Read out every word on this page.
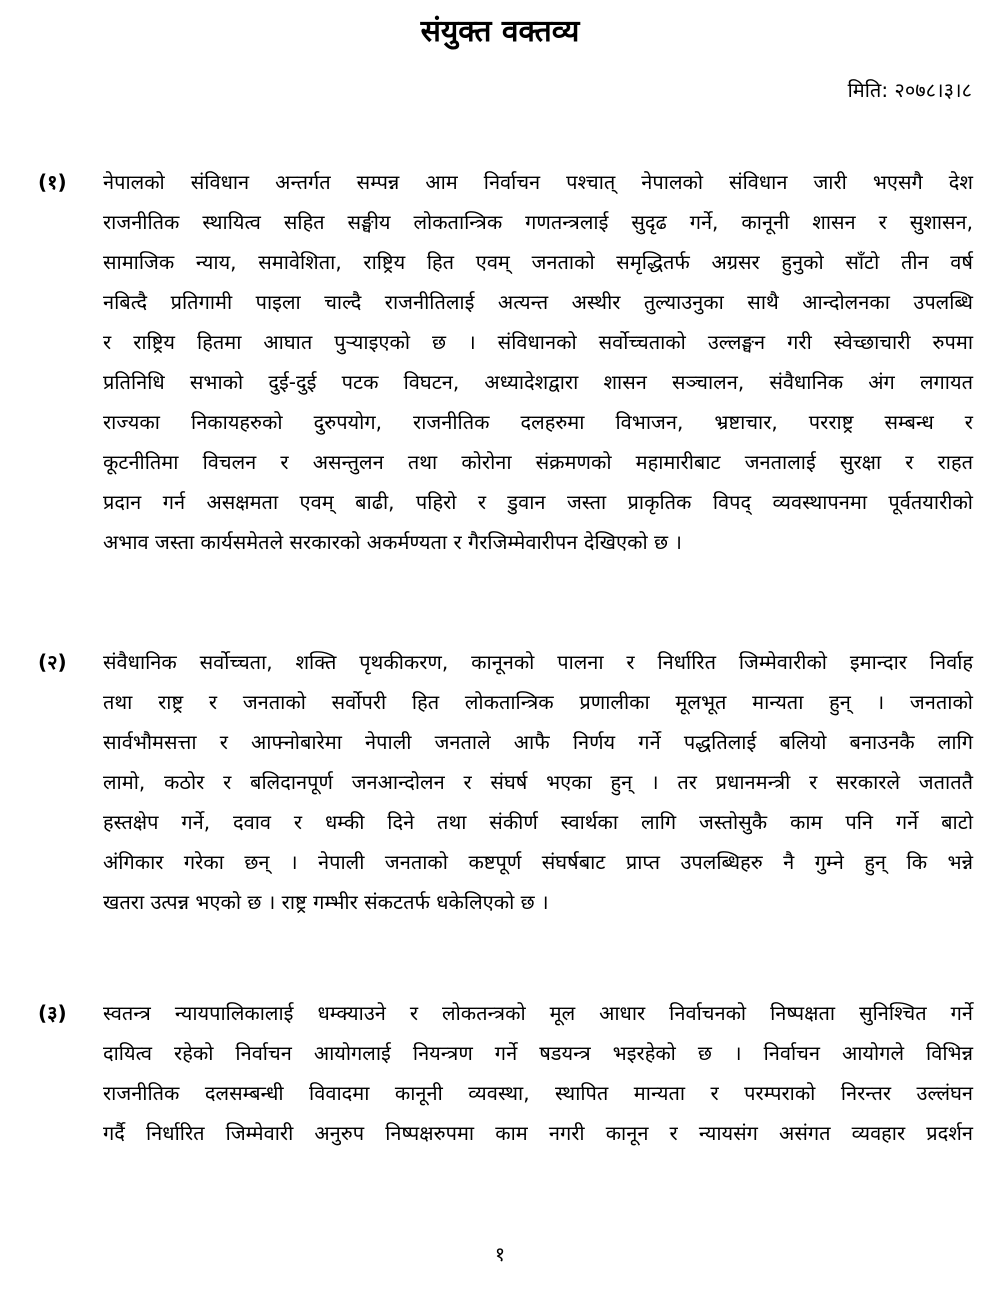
संयुक्त वक्तव्य
मिति: २०७८।३।८
(१) नेपालको संविधान अन्तर्गत सम्पन्न आम निर्वाचन पश्चात् नेपालको संविधान जारी भएसगै देश
राजनीतिक स्थायित्व सहित सङ्घीय लोकतान्त्रिक गणतन्त्रलाई सुदृढ गर्ने, कानूनी शासन र सुशासन,
सामाजिक न्याय, समावेशिता, राष्ट्रिय हित एवम् जनताको समृद्धितर्फ अग्रसर हुनुको साँटो तीन वर्ष
नबित्दै प्रतिगामी पाइला चाल्दै राजनीतिलाई अत्यन्त अस्थीर तुल्याउनुका साथै आन्दोलनका उपलब्धि
र राष्ट्रिय हितमा आघात पुऱ्याइएको छ । संविधानको सर्वोच्चताको उल्लङ्घन गरी स्वेच्छाचारी रुपमा
प्रतिनिधि सभाको दुई-दुई पटक विघटन, अध्यादेशद्वारा शासन सञ्चालन, संवैधानिक अंग लगायत
राज्यका निकायहरुको दुरुपयोग, राजनीतिक दलहरुमा विभाजन, भ्रष्टाचार, परराष्ट्र सम्बन्ध र
कूटनीतिमा विचलन र असन्तुलन तथा कोरोना संक्रमणको महामारीबाट जनतालाई सुरक्षा र राहत
प्रदान गर्न असक्षमता एवम् बाढी, पहिरो र डुवान जस्ता प्राकृतिक विपद् व्यवस्थापनमा पूर्वतयारीको
अभाव जस्ता कार्यसमेतले सरकारको अकर्मण्यता र गैरजिम्मेवारीपन देखिएको छ ।
(२) संवैधानिक सर्वोच्चता, शक्ति पृथकीकरण, कानूनको पालना र निर्धारित जिम्मेवारीको इमान्दार निर्वाह
तथा राष्ट्र र जनताको सर्वोपरी हित लोकतान्त्रिक प्रणालीका मूलभूत मान्यता हुन् । जनताको
सार्वभौमसत्ता र आफ्नोबारेमा नेपाली जनताले आफै निर्णय गर्ने पद्धतिलाई बलियो बनाउनकै लागि
लामो, कठोर र बलिदानपूर्ण जनआन्दोलन र संघर्ष भएका हुन् । तर प्रधानमन्त्री र सरकारले जताततै
हस्तक्षेप गर्ने, दवाव र धम्की दिने तथा संकीर्ण स्वार्थका लागि जस्तोसुकै काम पनि गर्ने बाटो
अंगिकार गरेका छन् । नेपाली जनताको कष्टपूर्ण संघर्षबाट प्राप्त उपलब्धिहरु नै गुम्ने हुन् कि भन्ने
खतरा उत्पन्न भएको छ । राष्ट्र गम्भीर संकटतर्फ धकेलिएको छ ।
(३) स्वतन्त्र न्यायपालिकालाई धम्क्याउने र लोकतन्त्रको मूल आधार निर्वाचनको निष्पक्षता सुनिश्चित गर्ने
दायित्व रहेको निर्वाचन आयोगलाई नियन्त्रण गर्ने षडयन्त्र भइरहेको छ । निर्वाचन आयोगले विभिन्न
राजनीतिक दलसम्बन्धी विवादमा कानूनी व्यवस्था, स्थापित मान्यता र परम्पराको निरन्तर उल्लंघन
गर्दै निर्धारित जिम्मेवारी अनुरुप निष्पक्षरुपमा काम नगरी कानून र न्यायसंग असंगत व्यवहार प्रदर्शन
१
